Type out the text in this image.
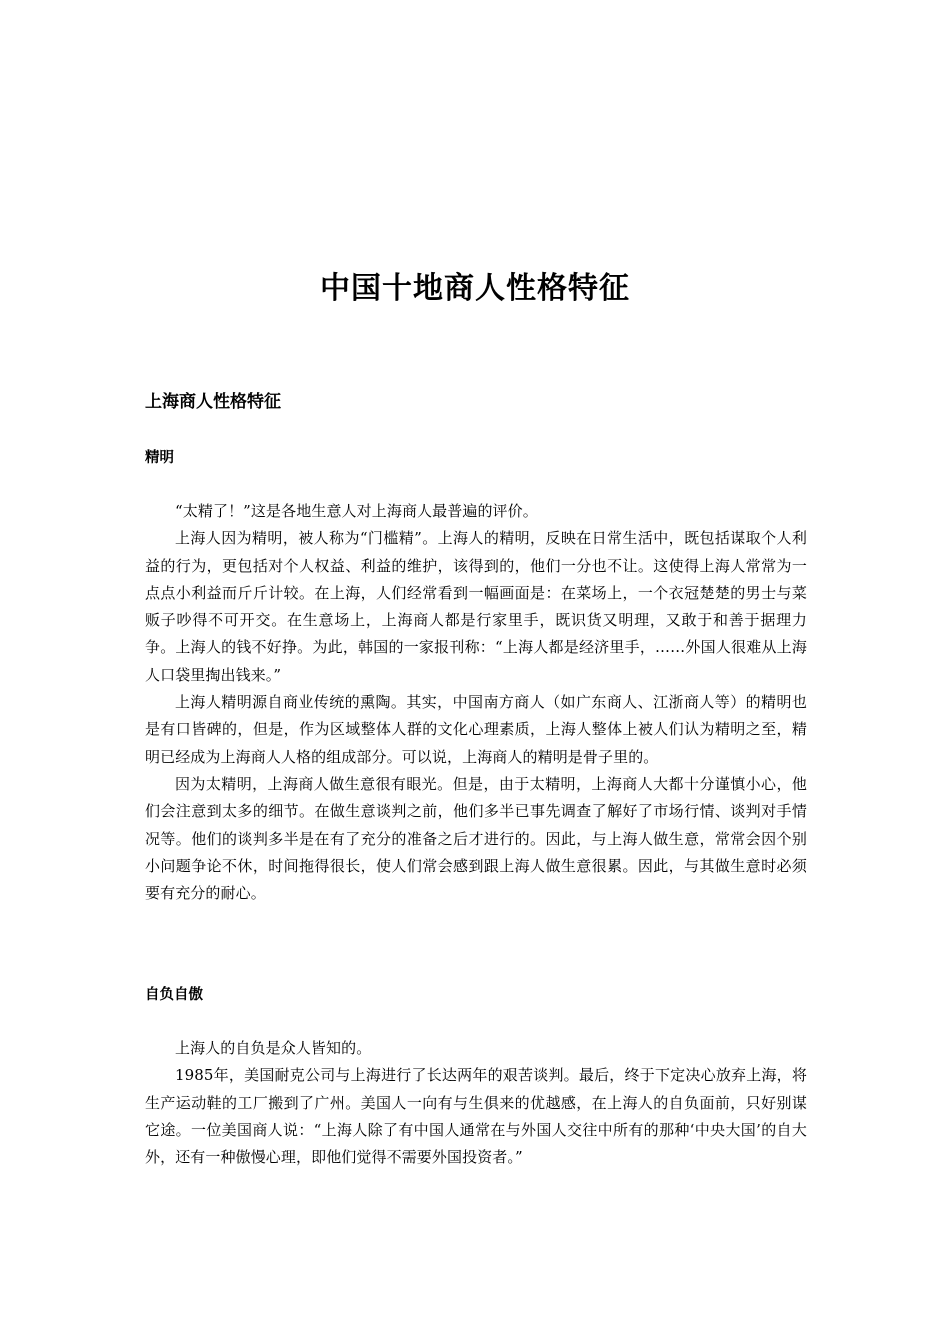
中国十地商人性格特征
上海商人性格特征
精明

“太精了！”这是各地生意人对上海商人最普遍的评价。

上海人因为精明，被人称为“门槛精”。上海人的精明，反映在日常生活中，既包括谋取个人利益的行为，更包括对个人权益、利益的维护，该得到的，他们一分也不让。这使得上海人常常为一点点小利益而斤斤计较。在上海，人们经常看到一幅画面是：在菜场上，一个衣冠楚楚的男士与菜贩子吵得不可开交。在生意场上，上海商人都是行家里手，既识货又明理，又敢于和善于据理力争。上海人的钱不好挣。为此，韩国的一家报刊称：“上海人都是经济里手，……外国人很难从上海人口袋里掏出钱来。”

上海人精明源自商业传统的熏陶。其实，中国南方商人（如广东商人、江浙商人等）的精明也是有口皆碑的，但是，作为区域整体人群的文化心理素质，上海人整体上被人们认为精明之至，精明已经成为上海商人人格的组成部分。可以说，上海商人的精明是骨子里的。

因为太精明，上海商人做生意很有眼光。但是，由于太精明，上海商人大都十分谨慎小心，他们会注意到太多的细节。在做生意谈判之前，他们多半已事先调查了解好了市场行情、谈判对手情况等。他们的谈判多半是在有了充分的准备之后才进行的。因此，与上海人做生意，常常会因个别小问题争论不休，时间拖得很长，使人们常会感到跟上海人做生意很累。因此，与其做生意时必须要有充分的耐心。

自负自傲

上海人的自负是众人皆知的。

1985年，美国耐克公司与上海进行了长达两年的艰苦谈判。最后，终于下定决心放弃上海，将生产运动鞋的工厂搬到了广州。美国人一向有与生俱来的优越感，在上海人的自负面前，只好别谋它途。一位美国商人说：“上海人除了有中国人通常在与外国人交往中所有的那种‘中央大国’的自大外，还有一种傲慢心理，即他们觉得不需要外国投资者。”
